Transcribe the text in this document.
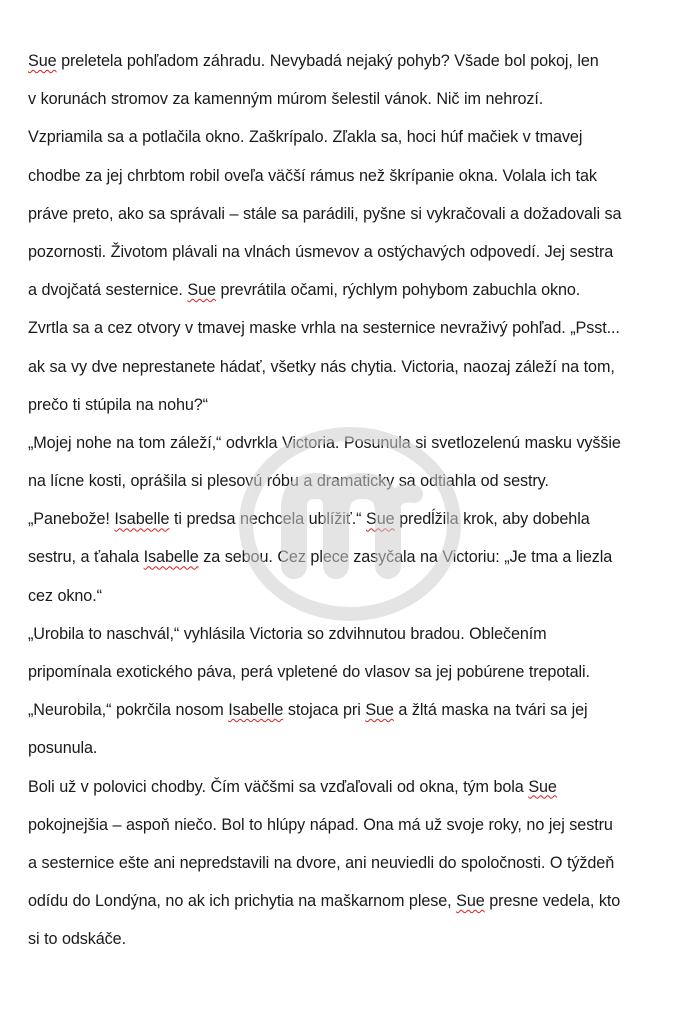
Sue preletela pohľadom záhradu. Nevybadá nejaký pohyb? Všade bol pokoj, len
v korunách stromov za kamenným múrom šelestil vánok. Nič im nehrozí.
Vzpriamila sa a potlačila okno. Zaškrípalo. Zľakla sa, hoci húf mačiek v tmavej
chodbe za jej chrbtom robil oveľa väčší rámus než škrípanie okna. Volala ich tak
práve preto, ako sa správali – stále sa parádili, pyšne si vykračovali a dožadovali sa
pozornosti. Životom plávali na vlnách úsmevov a ostýchavých odpovedí. Jej sestra
a dvojčatá sesternice. Sue prevrátila očami, rýchlym pohybom zabuchla okno.
Zvrtla sa a cez otvory v tmavej maske vrhla na sesternice nevraživý pohľad. „Psst...
ak sa vy dve neprestanete hádať, všetky nás chytia. Victoria, naozaj záleží na tom,
prečo ti stúpila na nohu?“
„Mojej nohe na tom záleží,“ odvrkla Victoria. Posunula si svetlozelenú masku vyššie
na lícne kosti, oprášila si plesovú róbu a dramaticky sa odtiahla od sestry.
„Panebože! Isabelle ti predsa nechcela ublížiť.“ Sue predĺžila krok, aby dobehla
sestru, a ťahala Isabelle za sebou. Cez plece zasyčala na Victoriu: „Je tma a liezla
cez okno.“
„Urobila to naschvál,“ vyhlásila Victoria so zdvihnutou bradou. Oblečením
pripomínala exotického páva, perá vpletené do vlasov sa jej pobúrene trepotali.
„Neurobila,“ pokrčila nosom Isabelle stojaca pri Sue a žltá maska na tvári sa jej
posunula.
Boli už v polovici chodby. Čím väčšmi sa vzďaľovali od okna, tým bola Sue
pokojnejšia – aspoň niečo. Bol to hlúpy nápad. Ona má už svoje roky, no jej sestru
a sesternice ešte ani nepredstavili na dvore, ani neuviedli do spoločnosti. O týždeň
odídu do Londýna, no ak ich prichytia na maškarnom plese, Sue presne vedela, kto
si to odskáče.
